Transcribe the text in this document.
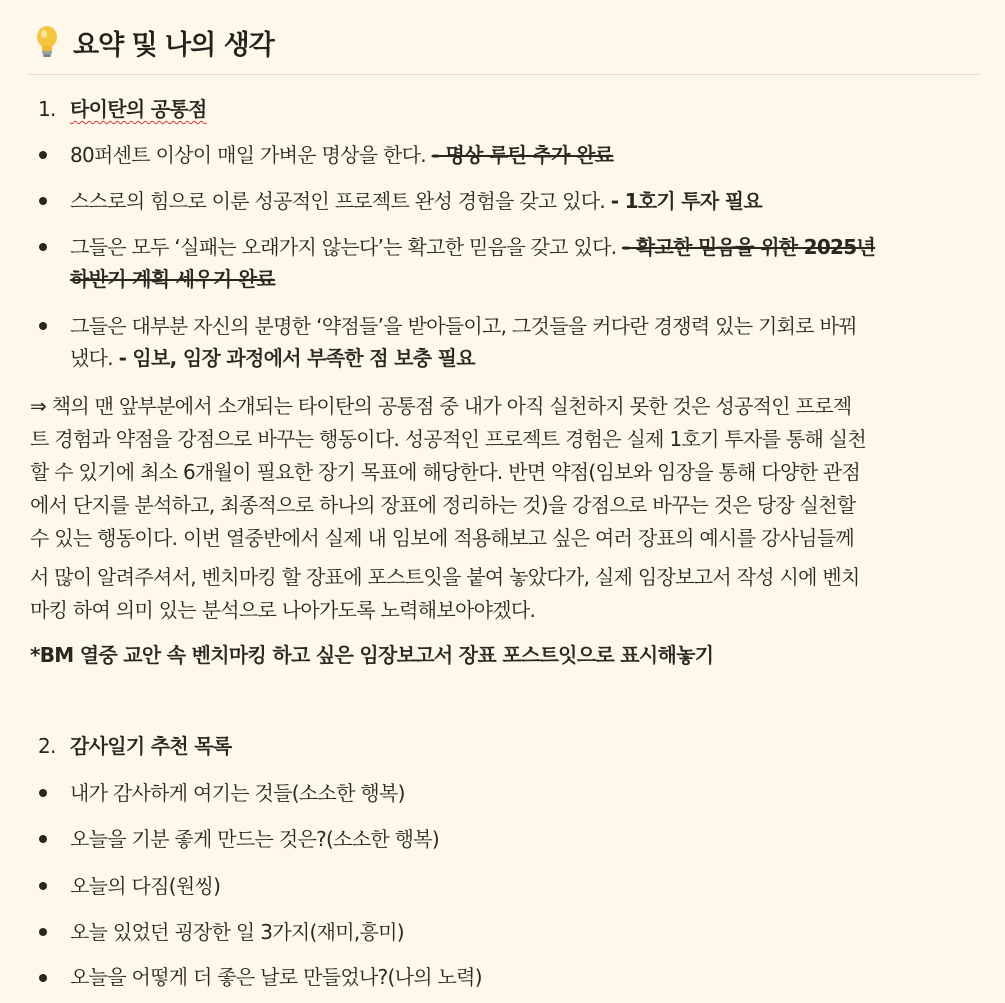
요약 및 나의 생각
1. 타이탄의 공통점
80퍼센트 이상이 매일 가벼운 명상을 한다. - 명상 루틴 추가 완료
스스로의 힘으로 이룬 성공적인 프로젝트 완성 경험을 갖고 있다. - 1호기 투자 필요
그들은 모두 ‘실패는 오래가지 않는다’는 확고한 믿음을 갖고 있다. - 확고한 믿음을 위한 2025년
하반기 계획 세우기 완료
그들은 대부분 자신의 분명한 ‘약점들’을 받아들이고, 그것들을 커다란 경쟁력 있는 기회로 바꿔
냈다. - 임보, 임장 과정에서 부족한 점 보충 필요
⇒ 책의 맨 앞부분에서 소개되는 타이탄의 공통점 중 내가 아직 실천하지 못한 것은 성공적인 프로젝
트 경험과 약점을 강점으로 바꾸는 행동이다. 성공적인 프로젝트 경험은 실제 1호기 투자를 통해 실천
할 수 있기에 최소 6개월이 필요한 장기 목표에 해당한다. 반면 약점(임보와 임장을 통해 다양한 관점
에서 단지를 분석하고, 최종적으로 하나의 장표에 정리하는 것)을 강점으로 바꾸는 것은 당장 실천할
수 있는 행동이다. 이번 열중반에서 실제 내 임보에 적용해보고 싶은 여러 장표의 예시를 강사님들께
서 많이 알려주셔서, 벤치마킹 할 장표에 포스트잇을 붙여 놓았다가, 실제 임장보고서 작성 시에 벤치
마킹 하여 의미 있는 분석으로 나아가도록 노력해보아야겠다.
*BM 열중 교안 속 벤치마킹 하고 싶은 임장보고서 장표 포스트잇으로 표시해놓기
2. 감사일기 추천 목록
내가 감사하게 여기는 것들(소소한 행복)
오늘을 기분 좋게 만드는 것은?(소소한 행복)
오늘의 다짐(원씽)
오늘 있었던 굉장한 일 3가지(재미,흥미)
오늘을 어떻게 더 좋은 날로 만들었나?(나의 노력)
